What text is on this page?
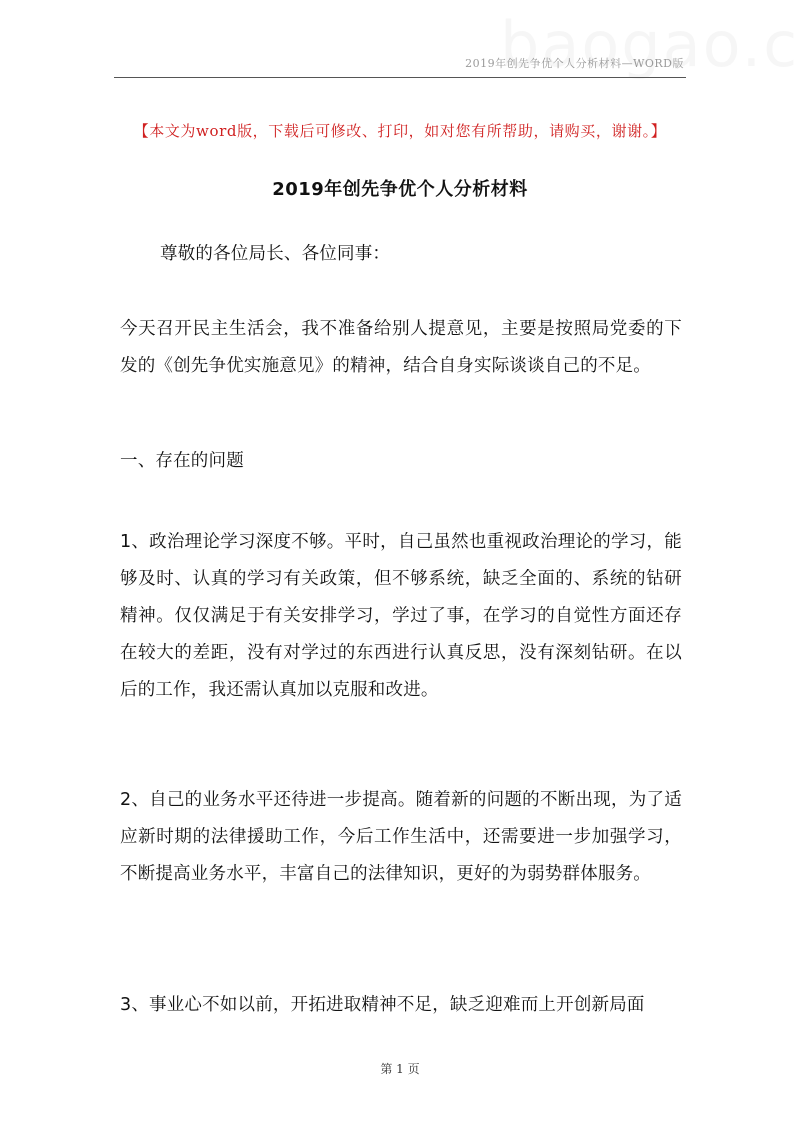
2019年创先争优个人分析材料—WORD版
【本文为word版，下载后可修改、打印，如对您有所帮助，请购买，谢谢。】
2019年创先争优个人分析材料
尊敬的各位局长、各位同事：
今天召开民主生活会，我不准备给别人提意见，主要是按照局党委的下发的《创先争优实施意见》的精神，结合自身实际谈谈自己的不足。
一、存在的问题
1、政治理论学习深度不够。平时，自己虽然也重视政治理论的学习，能够及时、认真的学习有关政策，但不够系统，缺乏全面的、系统的钻研精神。仅仅满足于有关安排学习，学过了事，在学习的自觉性方面还存在较大的差距，没有对学过的东西进行认真反思，没有深刻钻研。在以后的工作，我还需认真加以克服和改进。
2、自己的业务水平还待进一步提高。随着新的问题的不断出现，为了适应新时期的法律援助工作，今后工作生活中，还需要进一步加强学习，不断提高业务水平，丰富自己的法律知识，更好的为弱势群体服务。
3、事业心不如以前，开拓进取精神不足，缺乏迎难而上开创新局面
第 1 页
